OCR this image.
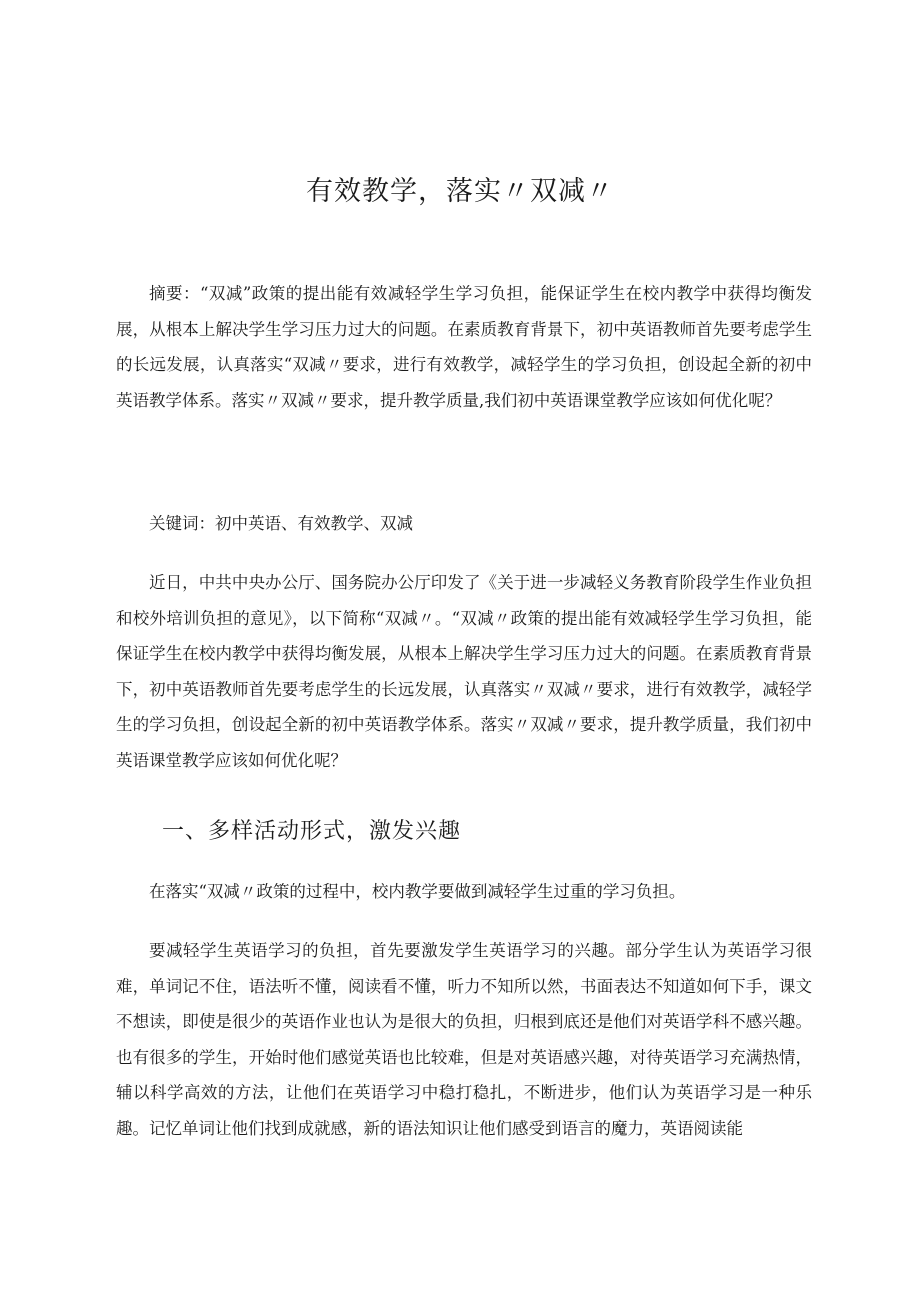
有效教学，落实〃双减〃

摘要：“双减”政策的提出能有效减轻学生学习负担，能保证学生在校内教学中获得均衡发展，从根本上解决学生学习压力过大的问题。在素质教育背景下，初中英语教师首先要考虑学生的长远发展，认真落实“双减〃要求，进行有效教学，减轻学生的学习负担，创设起全新的初中英语教学体系。落实〃双减〃要求，提升教学质量,我们初中英语课堂教学应该如何优化呢？

关键词：初中英语、有效教学、双减

近日，中共中央办公厅、国务院办公厅印发了《关于进一步减轻义务教育阶段学生作业负担和校外培训负担的意见》，以下简称“双减〃。“双减〃政策的提出能有效减轻学生学习负担，能保证学生在校内教学中获得均衡发展，从根本上解决学生学习压力过大的问题。在素质教育背景下，初中英语教师首先要考虑学生的长远发展，认真落实〃双减〃要求，进行有效教学，减轻学生的学习负担，创设起全新的初中英语教学体系。落实〃双减〃要求，提升教学质量，我们初中英语课堂教学应该如何优化呢？

一、多样活动形式，激发兴趣

在落实“双减〃政策的过程中，校内教学要做到减轻学生过重的学习负担。

要减轻学生英语学习的负担，首先要激发学生英语学习的兴趣。部分学生认为英语学习很难，单词记不住，语法听不懂，阅读看不懂，听力不知所以然，书面表达不知道如何下手，课文不想读，即使是很少的英语作业也认为是很大的负担，归根到底还是他们对英语学科不感兴趣。也有很多的学生，开始时他们感觉英语也比较难，但是对英语感兴趣，对待英语学习充满热情，辅以科学高效的方法，让他们在英语学习中稳打稳扎，不断进步，他们认为英语学习是一种乐趣。记忆单词让他们找到成就感，新的语法知识让他们感受到语言的魔力，英语阅读能
